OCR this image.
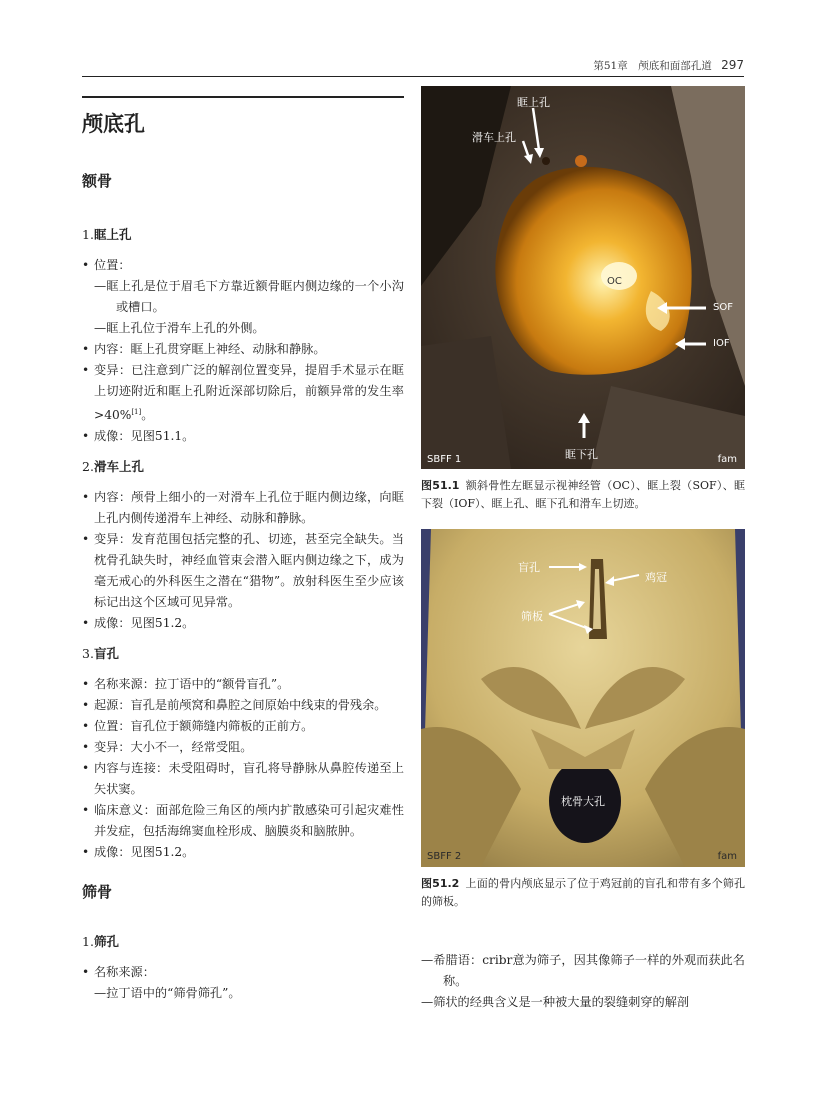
第51章　颅底和面部孔道 297
颅底孔
额骨
1.眶上孔
• 位置：
—眶上孔是位于眉毛下方靠近额骨眶内侧边缘的一个小沟或槽口。
—眶上孔位于滑车上孔的外侧。
• 内容：眶上孔贯穿眶上神经、动脉和静脉。
• 变异：已注意到广泛的解剖位置变异，提眉手术显示在眶上切迹附近和眶上孔附近深部切除后，前额异常的发生率>40%[1]。
• 成像：见图51.1。
2.滑车上孔
• 内容：颅骨上细小的一对滑车上孔位于眶内侧边缘，向眶上孔内侧传递滑车上神经、动脉和静脉。
• 变异：发育范围包括完整的孔、切迹，甚至完全缺失。当枕骨孔缺失时，神经血管束会潜入眶内侧边缘之下，成为毫无戒心的外科医生之潜在“猎物”。放射科医生至少应该标记出这个区域可见异常。
• 成像：见图51.2。
3.盲孔
• 名称来源：拉丁语中的“额骨盲孔”。
• 起源：盲孔是前颅窝和鼻腔之间原始中线束的骨残余。
• 位置：盲孔位于额筛缝内筛板的正前方。
• 变异：大小不一，经常受阻。
• 内容与连接：未受阻碍时，盲孔将导静脉从鼻腔传递至上矢状窦。
• 临床意义：面部危险三角区的颅内扩散感染可引起灾难性并发症，包括海绵窦血栓形成、脑膜炎和脑脓肿。
• 成像：见图51.2。
筛骨
1.筛孔
• 名称来源：
—拉丁语中的“筛骨筛孔”。
眶上孔
滑车上孔
OC
SOF
IOF
眶下孔
SBFF 1	fam
图51.1 额斜骨性左眶显示视神经管（OC）、眶上裂（SOF）、眶下裂（IOF）、眶上孔、眶下孔和滑车上切迹。
盲孔
鸡冠
筛板
枕骨大孔
SBFF 2	fam
图51.2 上面的骨内颅底显示了位于鸡冠前的盲孔和带有多个筛孔的筛板。
—希腊语：cribr意为筛子，因其像筛子一样的外观而获此名称。
—筛状的经典含义是一种被大量的裂缝刺穿的解剖
